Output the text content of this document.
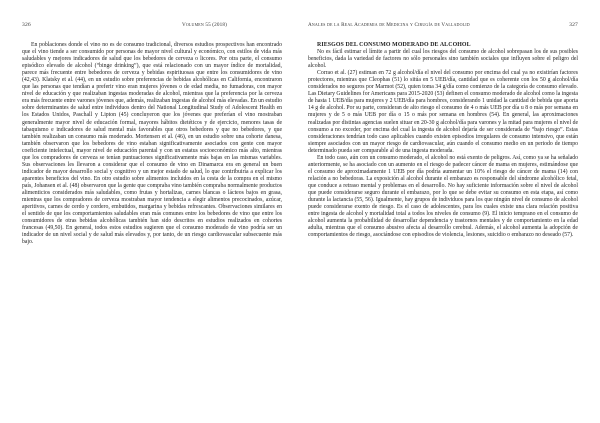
326	Volumen 55 (2018)

En poblaciones donde el vino no es de consumo tradicional, diversos estudios prospectivos han encontrado que el vino tiende a ser consumido por personas de mayor nivel cultural y económico, con estilos de vida más saludables y mejores indicadores de salud que los bebedores de cerveza o licores. Por otra parte, el consumo episódico elevado de alcohol (“binge drinking”), que está relacionado con un mayor índice de mortalidad, parece más frecuente entre bebedores de cerveza y bebidas espirituosas que entre los consumidores de vino (42,43). Klatsky et al. (44), en un estudio sobre preferencias de bebidas alcohólicas en California, encontraron que las personas que tendían a preferir vino eran mujeres jóvenes o de edad media, no fumadoras, con mayor nivel de educación y que realizaban ingestas moderadas de alcohol, mientras que la preferencia por la cerveza era más frecuente entre varones jóvenes que, además, realizaban ingestas de alcohol más elevadas. En un estudio sobre determinantes de salud entre individuos dentro del National Longitudinal Study of Adolescent Health en los Estados Unidos, Paschall y Lipton (45) concluyeron que los jóvenes que preferían el vino mostraban generalmente mayor nivel de educación formal, mayores hábitos dietéticos y de ejercicio, menores tasas de tabaquismo e indicadores de salud mental más favorables que otros bebedores y que no bebedores, y que también realizaban un consumo más moderado. Mortensen et al. (46), en un estudio sobre una cohorte danesa, también observaron que los bebedores de vino estaban significativamente asociados con gente con mayor coeficiente intelectual, mayor nivel de educación parental y con un estatus socioeconómico más alto, mientras que los compradores de cerveza se tenían puntuaciones significativamente más bajas en las mismas variables. Sus observaciones les llevaron a considerar que el consumo de vino en Dinamarca era en general un buen indicador de mayor desarrollo social y cognitivo y un mejor estado de salud, lo que contribuiría a explicar los aparentes beneficios del vino. En otro estudio sobre alimentos incluidos en la cesta de la compra en el mismo país, Johansen et al. (48) observaron que la gente que compraba vino también compraba normalmente productos alimenticios considerados más saludables, como frutas y hortalizas, carnes blancas o lácteos bajos en grasa, mientras que los compradores de cerveza mostraban mayor tendencia a elegir alimentos precocinados, azúcar, aperitivos, carnes de cerdo y cordero, embutidos, margarina y bebidas refrescantes. Observaciones similares en el sentido de que los comportamientos saludables eran más comunes entre los bebedores de vino que entre los consumidores de otras bebidas alcohólicas también han sido descritos en estudios realizados en cohortes francesas (49,50). En general, todos estos estudios sugieren que el consumo moderado de vino podría ser un indicador de un nivel social y de salud más elevados y, por tanto, de un riesgo cardiovascular subsecuente más bajo.

Anales de la Real Academia de Medicina y Cirugía de Valladolid	327

RIESGOS DEL CONSUMO MODERADO DE ALCOHOL

No es fácil estimar el límite a partir del cual los riesgos del consumo de alcohol sobrepasan los de sus posibles beneficios, dada la variedad de factores no sólo personales sino también sociales que influyen sobre el peligro del alcohol.

Corrao et al. (27) estiman en 72 g alcohol/día el nivel del consumo por encima del cual ya no existirían factores protectores, mientras que Cleophas (51) lo sitúa en 5 UEB/día, cantidad que es coherente con los 50 g alcohol/día considerados no seguros por Marmot (52), quien toma 34 g/día como comienzo de la categoría de consumo elevado. Las Dietary Guidelines for Americans para 2015-2020 (53) definen el consumo moderado de alcohol como la ingesta de hasta 1 UEB/día para mujeres y 2 UEB/día para hombres, considerando 1 unidad la cantidad de bebida que aporta 14 g de alcohol. Por su parte, consideran de alto riesgo el consumo de 4 o más UEB por día u 8 o más por semana en mujeres y de 5 o más UEB por día o 15 o más por semana en hombres (54). En general, las aproximaciones realizadas por distintas agencias suelen situar en 20-30 g alcohol/día para varones y la mitad para mujeres el nivel de consumo a no exceder, por encima del cual la ingesta de alcohol dejaría de ser considerada de “bajo riesgo”. Estas consideraciones tendrían todo caso aplicables cuando existen episodios irregulares de consumo intensivo, que están siempre asociados con un mayor riesgo de cardiovascular, aún cuando el consumo medio en un periodo de tiempo determinado pueda ser comparable al de una ingesta moderada.

En todo caso, aún con un consumo moderado, el alcohol no está exento de peligros. Así, como ya se ha señalado anteriormente, se ha asociado con un aumento en el riesgo de padecer cáncer de mama en mujeres, estimándose que el consumo de aproximadamente 1 UEB por día podría aumentar un 10% el riesgo de cáncer de mama (14) con relación a no bebedoras. La exposición al alcohol durante el embarazo es responsable del síndrome alcohólico fetal, que conduce a retraso mental y problemas en el desarrollo. No hay suficiente información sobre el nivel de alcohol que puede considerarse seguro durante el embarazo, por lo que se debe evitar su consumo en esta etapa, así como durante la lactancia (55, 56). Igualmente, hay grupos de individuos para los que ningún nivel de consumo de alcohol puede considerarse exento de riesgo. Es el caso de adolescentes, para los cuales existe una clara relación positiva entre ingesta de alcohol y mortalidad total a todos los niveles de consumo (9). El inicio temprano en el consumo de alcohol aumenta la probabilidad de desarrollar dependencia y trastornos mentales y de comportamiento en la edad adulta, mientras que el consumo abusivo afecta al desarrollo cerebral. Además, el alcohol aumenta la adopción de comportamientos de riesgo, asociándose con episodios de violencia, lesiones, suicidio o embarazo no deseado (57).
